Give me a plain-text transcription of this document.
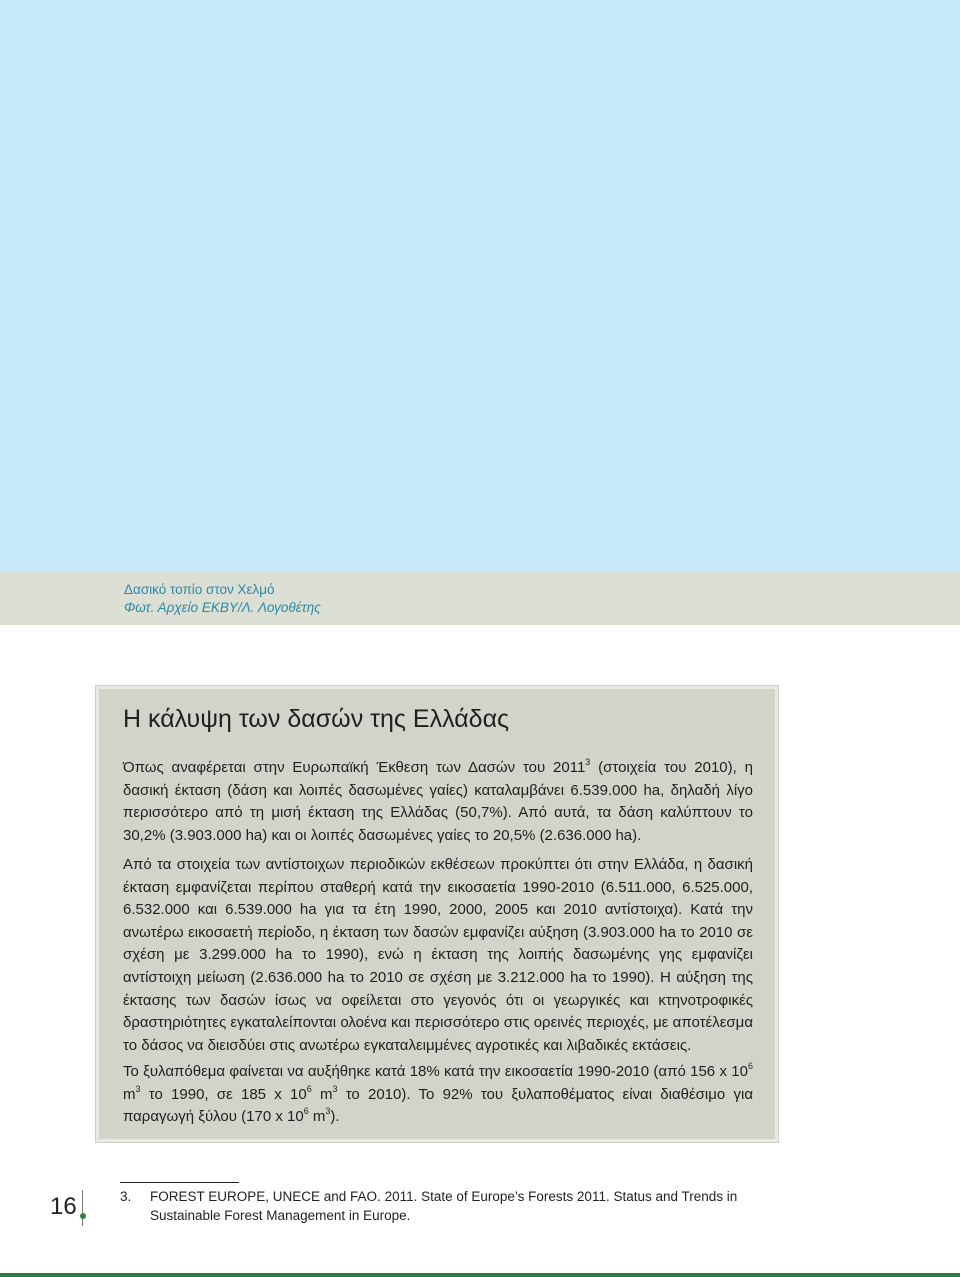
Δασικό τοπίο στον Χελμό
Φωτ. Αρχείο ΕΚΒΥ/Λ. Λογοθέτης
Η κάλυψη των δασών της Ελλάδας

Όπως αναφέρεται στην Ευρωπαϊκή Έκθεση των Δασών του 2011$^3$ (στοιχεία του 2010), η δασική έκταση (δάση και λοιπές δασωμένες γαίες) καταλαμβάνει 6.539.000 ha, δηλαδή λίγο περισσότερο από τη μισή έκταση της Ελλάδας (50,7%). Από αυτά, τα δάση καλύπτουν το 30,2% (3.903.000 ha) και οι λοιπές δασωμένες γαίες το 20,5% (2.636.000 ha).

Από τα στοιχεία των αντίστοιχων περιοδικών εκθέσεων προκύπτει ότι στην Ελλάδα, η δασική έκταση εμφανίζεται περίπου σταθερή κατά την εικοσαετία 1990-2010 (6.511.000, 6.525.000, 6.532.000 και 6.539.000 ha για τα έτη 1990, 2000, 2005 και 2010 αντίστοιχα). Κατά την ανωτέρω εικοσαετή περίοδο, η έκταση των δασών εμφανίζει αύξηση (3.903.000 ha το 2010 σε σχέση με 3.299.000 ha το 1990), ενώ η έκταση της λοιπής δασωμένης γης εμφανίζει αντίστοιχη μείωση (2.636.000 ha το 2010 σε σχέση με 3.212.000 ha το 1990). Η αύξηση της έκτασης των δασών ίσως να οφείλεται στο γεγονός ότι οι γεωργικές και κτηνοτροφικές δραστηριότητες εγκαταλείπονται ολοένα και περισσότερο στις ορεινές περιοχές, με αποτέλεσμα το δάσος να διεισδύει στις ανωτέρω εγκαταλειμμένες αγροτικές και λιβαδικές εκτάσεις.

Το ξυλαπόθεμα φαίνεται να αυξήθηκε κατά 18% κατά την εικοσαετία 1990-2010 (από 156 x $10^6$ $m^3$ το 1990, σε 185 x $10^6$ $m^3$ το 2010). Το 92% του ξυλαποθέματος είναι διαθέσιμο για παραγωγή ξύλου (170 x $10^6$ $m^3$).

16	3. FOREST EUROPE, UNECE and FAO. 2011. State of Europe’s Forests 2011. Status and Trends in Sustainable Forest Management in Europe.
